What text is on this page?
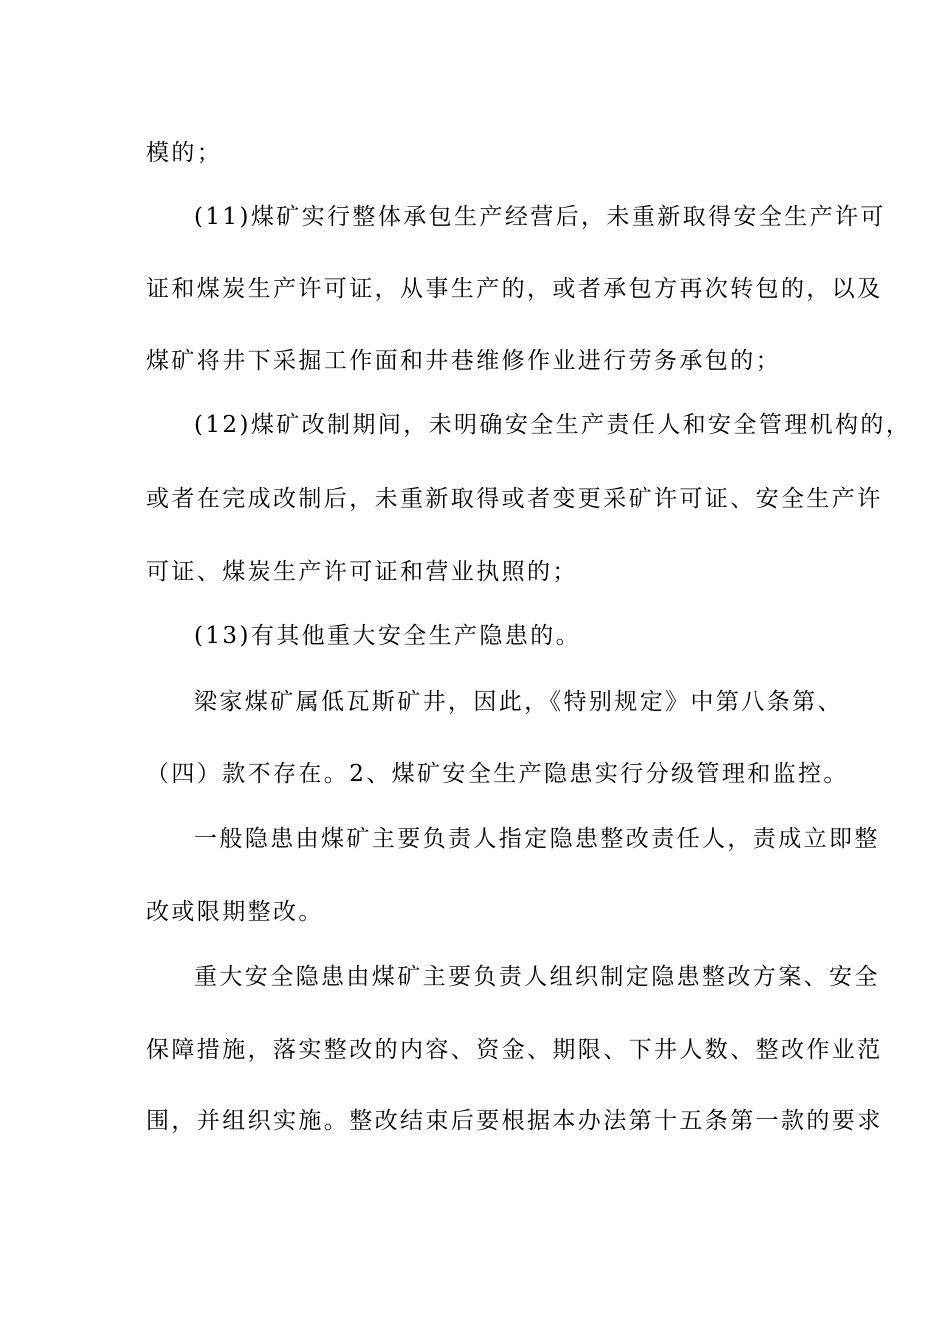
模的；
(11)煤矿实行整体承包生产经营后，未重新取得安全生产许可
证和煤炭生产许可证，从事生产的，或者承包方再次转包的，以及
煤矿将井下采掘工作面和井巷维修作业进行劳务承包的；
(12)煤矿改制期间，未明确安全生产责任人和安全管理机构的，
或者在完成改制后，未重新取得或者变更采矿许可证、安全生产许
可证、煤炭生产许可证和营业执照的；
(13)有其他重大安全生产隐患的。
梁家煤矿属低瓦斯矿井，因此，《特别规定》中第八条第、
（四）款不存在。2、煤矿安全生产隐患实行分级管理和监控。
一般隐患由煤矿主要负责人指定隐患整改责任人，责成立即整
改或限期整改。
重大安全隐患由煤矿主要负责人组织制定隐患整改方案、安全
保障措施，落实整改的内容、资金、期限、下井人数、整改作业范
围，并组织实施。整改结束后要根据本办法第十五条第一款的要求
